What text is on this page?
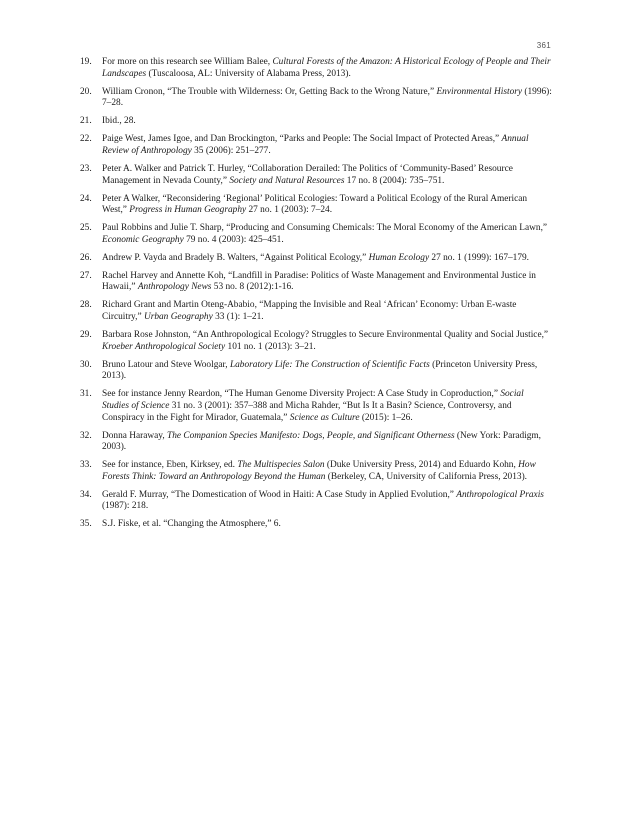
361
19.	For more on this research see William Balee, Cultural Forests of the Amazon: A Historical Ecology of People and Their Landscapes (Tuscaloosa, AL: University of Alabama Press, 2013).
20.	William Cronon, “The Trouble with Wilderness: Or, Getting Back to the Wrong Nature,” Environmental History (1996): 7–28.
21.	Ibid., 28.
22.	Paige West, James Igoe, and Dan Brockington, “Parks and People: The Social Impact of Protected Areas,” Annual Review of Anthropology 35 (2006): 251–277.
23.	Peter A. Walker and Patrick T. Hurley, “Collaboration Derailed: The Politics of ‘Community-Based’ Resource Management in Nevada County,” Society and Natural Resources 17 no. 8 (2004): 735–751.
24.	Peter A Walker, “Reconsidering ‘Regional’ Political Ecologies: Toward a Political Ecology of the Rural American West,” Progress in Human Geography 27 no. 1 (2003): 7–24.
25.	Paul Robbins and Julie T. Sharp, “Producing and Consuming Chemicals: The Moral Economy of the American Lawn,” Economic Geography 79 no. 4 (2003): 425–451.
26.	Andrew P. Vayda and Bradely B. Walters, “Against Political Ecology,” Human Ecology 27 no. 1 (1999): 167–179.
27.	Rachel Harvey and Annette Koh, “Landfill in Paradise: Politics of Waste Management and Environmental Justice in Hawaii,” Anthropology News 53 no. 8 (2012):1-16.
28.	Richard Grant and Martin Oteng-Ababio, “Mapping the Invisible and Real ‘African’ Economy: Urban E-waste Circuitry,” Urban Geography 33 (1): 1–21.
29.	Barbara Rose Johnston, “An Anthropological Ecology? Struggles to Secure Environmental Quality and Social Justice,” Kroeber Anthropological Society 101 no. 1 (2013): 3–21.
30.	Bruno Latour and Steve Woolgar, Laboratory Life: The Construction of Scientific Facts (Princeton University Press, 2013).
31.	See for instance Jenny Reardon, “The Human Genome Diversity Project: A Case Study in Coproduction,” Social Studies of Science 31 no. 3 (2001): 357–388 and Micha Rahder, “But Is It a Basin? Science, Controversy, and Conspiracy in the Fight for Mirador, Guatemala,” Science as Culture (2015): 1–26.
32.	Donna Haraway, The Companion Species Manifesto: Dogs, People, and Significant Otherness (New York: Paradigm, 2003).
33.	See for instance, Eben, Kirksey, ed. The Multispecies Salon (Duke University Press, 2014) and Eduardo Kohn, How Forests Think: Toward an Anthropology Beyond the Human (Berkeley, CA, University of California Press, 2013).
34.	Gerald F. Murray, “The Domestication of Wood in Haiti: A Case Study in Applied Evolution,” Anthropological Praxis (1987): 218.
35.	S.J. Fiske, et al. “Changing the Atmosphere,” 6.
